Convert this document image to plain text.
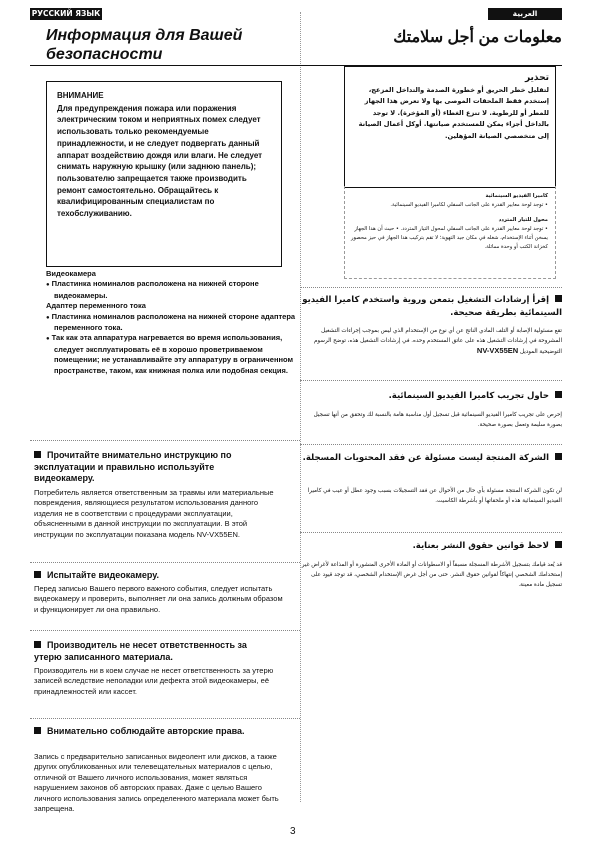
РУССКИЙ ЯЗЫК	العربية
Информация для Вашей
безопасности
معلومات من أجل سلامتك
ВНИМАНИЕ
Для предупреждения пожара или поражения электрическим током и неприятных помех следует использовать только рекомендуемые принадлежности, и не следует подвергать данный аппарат воздействию дождя или влаги. Не следует снимать наружную крышку (или заднюю панель); пользователю запрещается также производить ремонт самостоятельно. Обращайтесь к квалифицированным специалистам по техобслуживанию.
Видеокамера
● Пластинка номиналов расположена на нижней стороне видеокамеры.
Адаптер переменного тока
● Пластинка номиналов расположена на нижней стороне адаптера переменного тока.
● Так как эта аппаратура нагревается во время использования, следует эксплуатировать её в хорошо проветриваемом помещении; не устанавливайте эту аппаратуру в ограниченном пространстве, таком, как книжная полка или подобная секция.
Прочитайте внимательно инструкцию по эксплуатации и правильно используйте видеокамеру.
Потребитель является ответственным за травмы или материальные повреждения, являющиеся результатом использования данного изделия не в соответствии с процедурами эксплуатации, объясненными в данной инструкции по эксплуатации. В этой инструкции по эксплуатации показана модель NV-VX55EN.
Испытайте видеокамеру.
Перед записью Вашего первого важного события, следует испытать видеокамеру и проверить, выполняет ли она запись должным образом и функционирует ли она правильно.
Производитель не несет ответственность за утерю записанного материала.
Производитель ни в коем случае не несет ответственность за утерю записей вследствие неполадки или дефекта этой видеокамеры, её принадлежностей или кассет.
Внимательно соблюдайте авторские права.
Запись с предварительно записанных видеолент или дисков, а также других опубликованных или телевещательных материалов с целью, отличной от Вашего личного использования, может являться нарушением законов об авторских правах. Даже с целью Вашего личного использования запись определенного материала может быть запрещена.
تحذير
لتقليل خطر الحريق أو خطورة الصدمة والتداخل المزعج، إستخدم فقط الملحقات الموصى بها ولا تعرض هذا الجهاز للمطر أو للرطوبة. لا تنزع الغطاء (أو المؤخرة). لا توجد بالداخل أجزاء يمكن للمستخدم صيانتها. أوكل أعمال الصيانة إلى متخصصي الصيانة المؤهلين.
كاميرا الفيديو السينمائية
• توجد لوحة معايير القدرة على الجانب السفلي لكاميرا الفيديو السينمائية.
محول للتيار المتردد
• توجد لوحة معايير القدرة على الجانب السفلي لمحول التيار المتردد. • حيث أن هذا الجهاز يسخن أثناء الإستخدام، شغله في مكان جيد التهوية؛ لا تقم بتركيب هذا الجهاز في حيز محصور كخزانة الكتب أو وحدة مماثلة.
إقرأ إرشادات التشغيل بتمعن وروية واستخدم كاميرا الفيديو السينمائية بطريقة صحيحة.
تقع مسئولية الإصابة أو التلف المادي الناتج عن أي نوع من الإستخدام الذي ليس بموجب إجراءات التشغيل المشروحة في إرشادات التشغيل هذه على عاتق المستخدم وحده. في إرشادات التشغيل هذه، توضح الرسوم التوضيحية الموديل NV-VX55EN
حاول تجريب كاميرا الفيديو السينمائية.
إحرص على تجريب كاميرا الفيديو السينمائية قبل تسجيل أول مناسبة هامة بالنسبة لك وتحقق من أنها تسجيل بصورة سليمة وتعمل بصورة صحيحة.
الشركة المنتجة ليست مسئولة عن فقد المحتويات المسجلة.
لن تكون الشركة المنتجة مسئولة بأي حال من الأحوال عن فقد التسجيلات بسبب وجود عطل أو عيب في كاميرا الفيديو السينمائية هذه أو ملحقاتها أو بأشرطة الكاسيت.
لاحظ قوانين حقوق النشر بعناية.
قد يُعد قيامك بتسجيل الأشرطة المسجلة مسبقاً أو الاسطوانات أو المادة الأخرى المنشورة أو المذاعة لأغراض غير إستخدامك الشخصي إنتهاكاً لقوانين حقوق النشر. حتى من أجل غرض الإستخدام الشخصي، قد توجد قيود على تسجيل مادة معينة.
3
